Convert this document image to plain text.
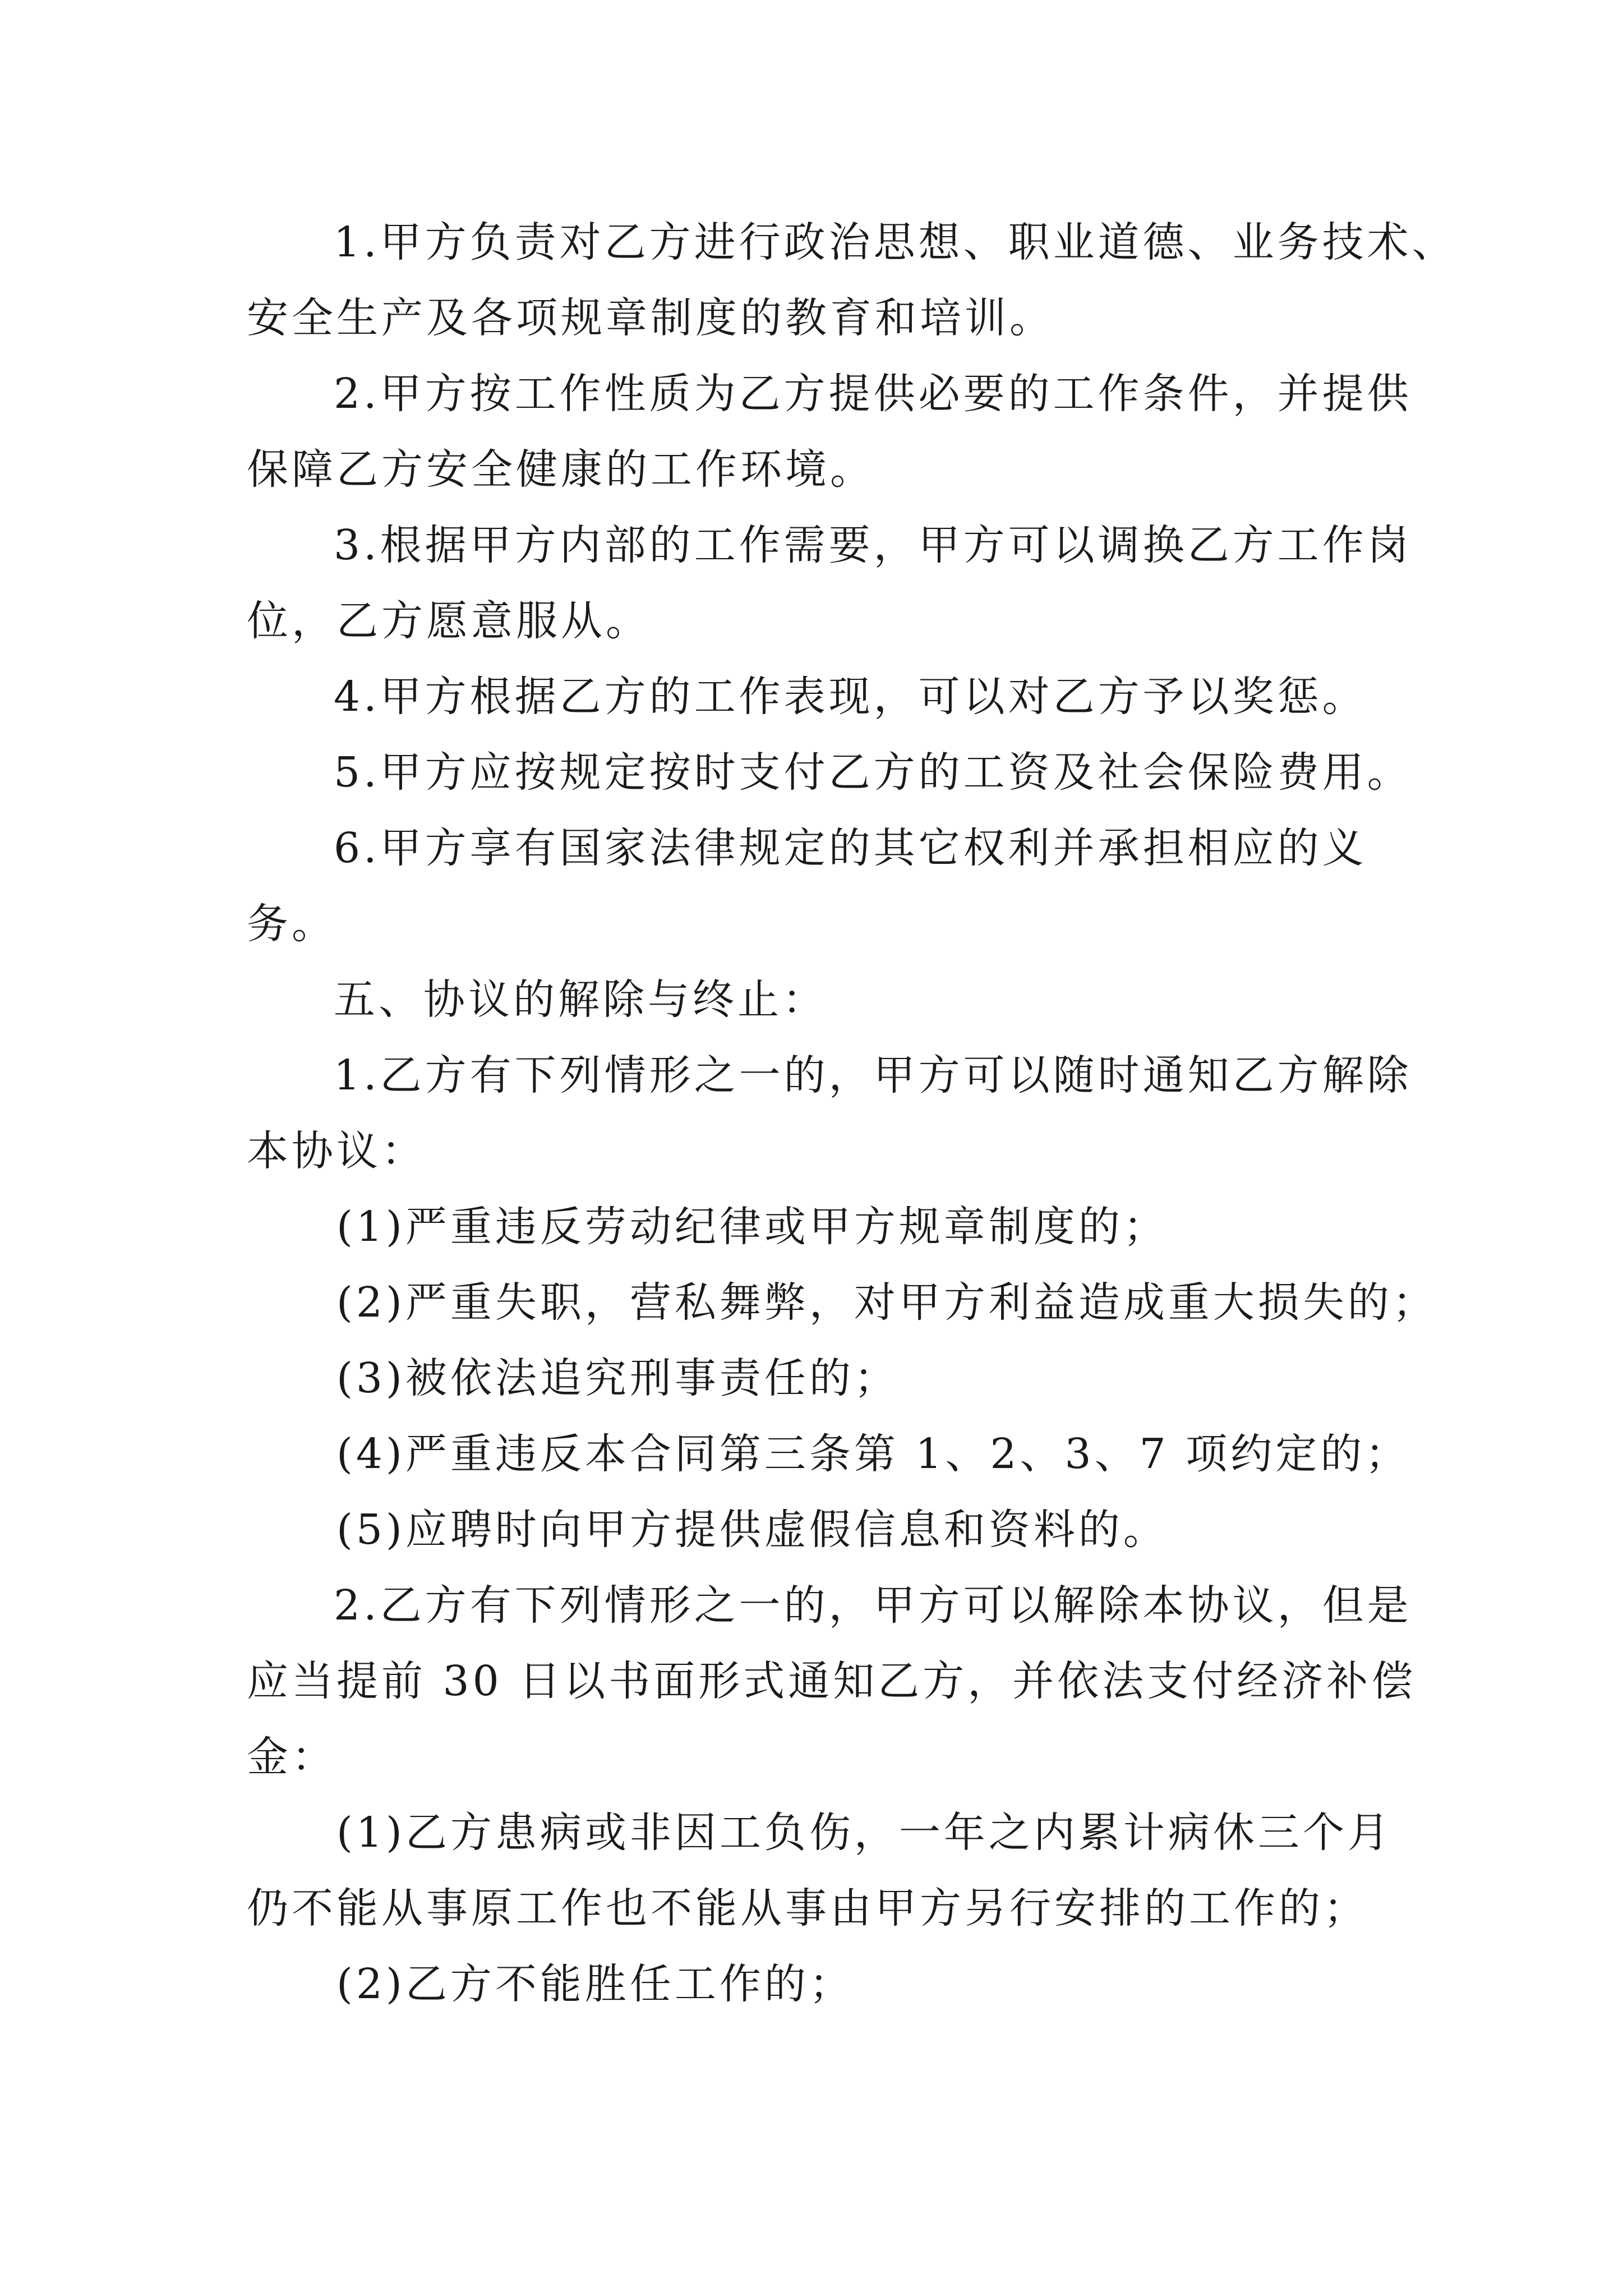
1.甲方负责对乙方进行政治思想、职业道德、业务技术、

安全生产及各项规章制度的教育和培训。

2.甲方按工作性质为乙方提供必要的工作条件，并提供

保障乙方安全健康的工作环境。

3.根据甲方内部的工作需要，甲方可以调换乙方工作岗

位，乙方愿意服从。

4.甲方根据乙方的工作表现，可以对乙方予以奖惩。

5.甲方应按规定按时支付乙方的工资及社会保险费用。

6.甲方享有国家法律规定的其它权利并承担相应的义

务。

五、协议的解除与终止：

1.乙方有下列情形之一的，甲方可以随时通知乙方解除

本协议：

(1)严重违反劳动纪律或甲方规章制度的；

(2)严重失职，营私舞弊，对甲方利益造成重大损失的；

(3)被依法追究刑事责任的；

(4)严重违反本合同第三条第 1、2、3、7 项约定的；

(5)应聘时向甲方提供虚假信息和资料的。

2.乙方有下列情形之一的，甲方可以解除本协议，但是

应当提前 30 日以书面形式通知乙方，并依法支付经济补偿

金：

(1)乙方患病或非因工负伤，一年之内累计病休三个月

仍不能从事原工作也不能从事由甲方另行安排的工作的；

(2)乙方不能胜任工作的；
